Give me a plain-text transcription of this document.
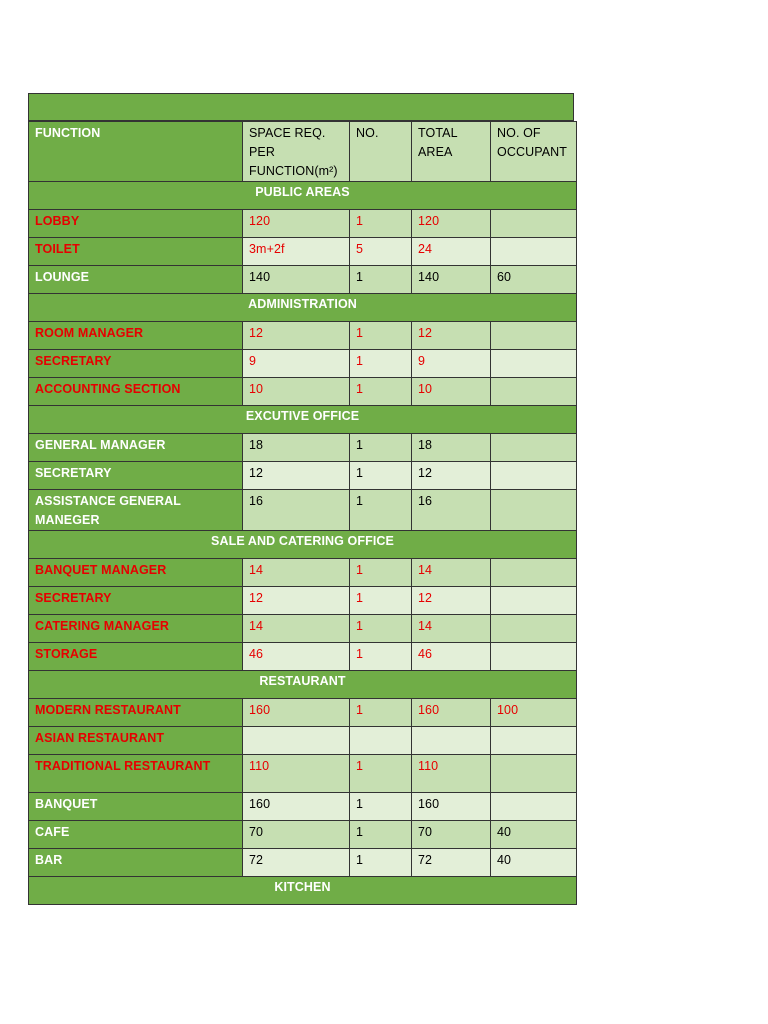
FUNCTION	SPACE REQ. PER FUNCTION(m²)	NO.	TOTAL AREA	NO. OF OCCUPANT
PUBLIC AREAS				
LOBBY	120	1	120	
TOILET	3m+2f	5	24	
LOUNGE	140	1	140	60
ADMINISTRATION				
ROOM MANAGER	12	1	12	
SECRETARY	9	1	9	
ACCOUNTING SECTION	10	1	10	
EXCUTIVE OFFICE				
GENERAL MANAGER	18	1	18	
SECRETARY	12	1	12	
ASSISTANCE GENERAL MANEGER	16	1	16	
SALE AND CATERING OFFICE				
BANQUET MANAGER	14	1	14	
SECRETARY	12	1	12	
CATERING MANAGER	14	1	14	
STORAGE	46	1	46	
RESTAURANT				
MODERN RESTAURANT	160	1	160	100
ASIAN RESTAURANT				
TRADITIONAL RESTAURANT	110	1	110	
BANQUET	160	1	160	
CAFE	70	1	70	40
BAR	72	1	72	40
KITCHEN				
